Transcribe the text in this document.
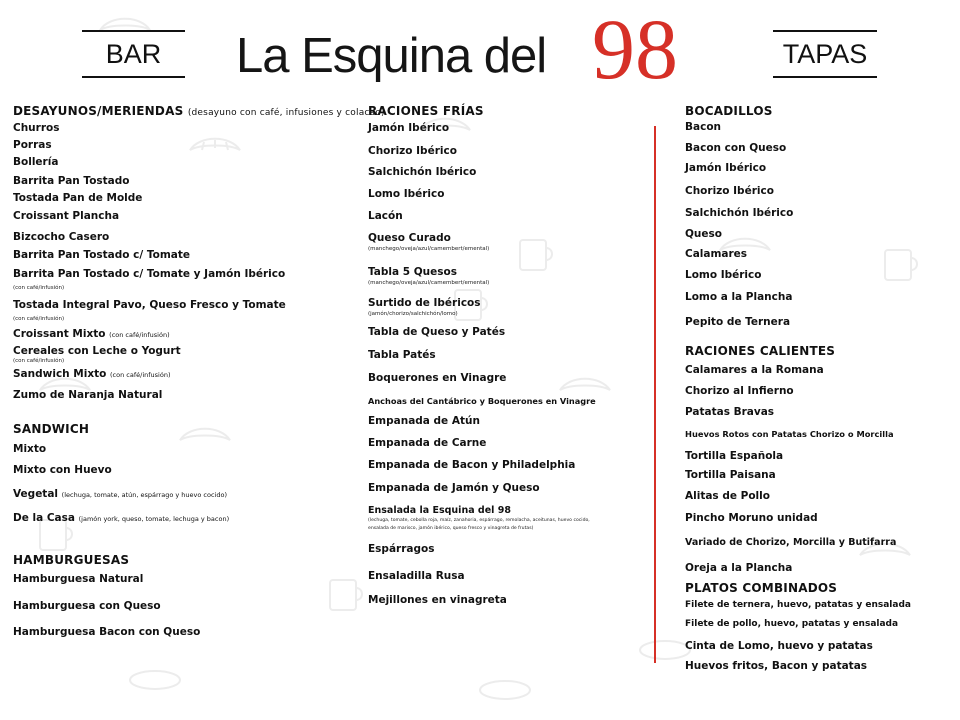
BAR	TAPAS
La Esquina del 98
DESAYUNOS/MERIENDAS (desayuno con café, infusiones y colacao)
Churros
Porras
Bollería
Barrita Pan Tostado
Tostada Pan de Molde
Croissant Plancha
Bizcocho Casero
Barrita Pan Tostado c/ Tomate
Barrita Pan Tostado c/ Tomate y Jamón Ibérico
(con café/infusión)
Tostada Integral Pavo, Queso Fresco y Tomate
(con café/infusión)
Croissant Mixto (con café/infusión)
Cereales con Leche o Yogurt
(con café/infusión)
Sandwich Mixto (con café/infusión)
Zumo de Naranja Natural
SANDWICH
Mixto
Mixto con Huevo
Vegetal (lechuga, tomate, atún, espárrago y huevo cocido)
De la Casa (jamón york, queso, tomate, lechuga y bacon)
HAMBURGUESAS
Hamburguesa Natural
Hamburguesa con Queso
Hamburguesa Bacon con Queso
RACIONES FRÍAS
Jamón Ibérico
Chorizo Ibérico
Salchichón Ibérico
Lomo Ibérico
Lacón
Queso Curado
(manchego/oveja/azul/camembert/emental)
Tabla 5 Quesos
(manchego/oveja/azul/camembert/emental)
Surtido de Ibéricos
(jamón/chorizo/salchichón/lomo)
Tabla de Queso y Patés
Tabla Patés
Boquerones en Vinagre
Anchoas del Cantábrico y Boquerones en Vinagre
Empanada de Atún
Empanada de Carne
Empanada de Bacon y Philadelphia
Empanada de Jamón y Queso
Ensalada la Esquina del 98
(lechuga, tomate, cebolla roja, maíz, zanahoria, espárrago, remolacha, aceitunas, huevo cocido,
ensalada de marisco, jamón ibérico, queso fresco y vinagreta de frutas)
Espárragos
Ensaladilla Rusa
Mejillones en vinagreta
BOCADILLOS
Bacon
Bacon con Queso
Jamón Ibérico
Chorizo Ibérico
Salchichón Ibérico
Queso
Calamares
Lomo Ibérico
Lomo a la Plancha
Pepito de Ternera
RACIONES CALIENTES
Calamares a la Romana
Chorizo al Infierno
Patatas Bravas
Huevos Rotos con Patatas Chorizo o Morcilla
Tortilla Española
Tortilla Paisana
Alitas de Pollo
Pincho Moruno unidad
Variado de Chorizo, Morcilla y Butifarra
Oreja a la Plancha
PLATOS COMBINADOS
Filete de ternera, huevo, patatas y ensalada
Filete de pollo, huevo, patatas y ensalada
Cinta de Lomo, huevo y patatas
Huevos fritos, Bacon y patatas
